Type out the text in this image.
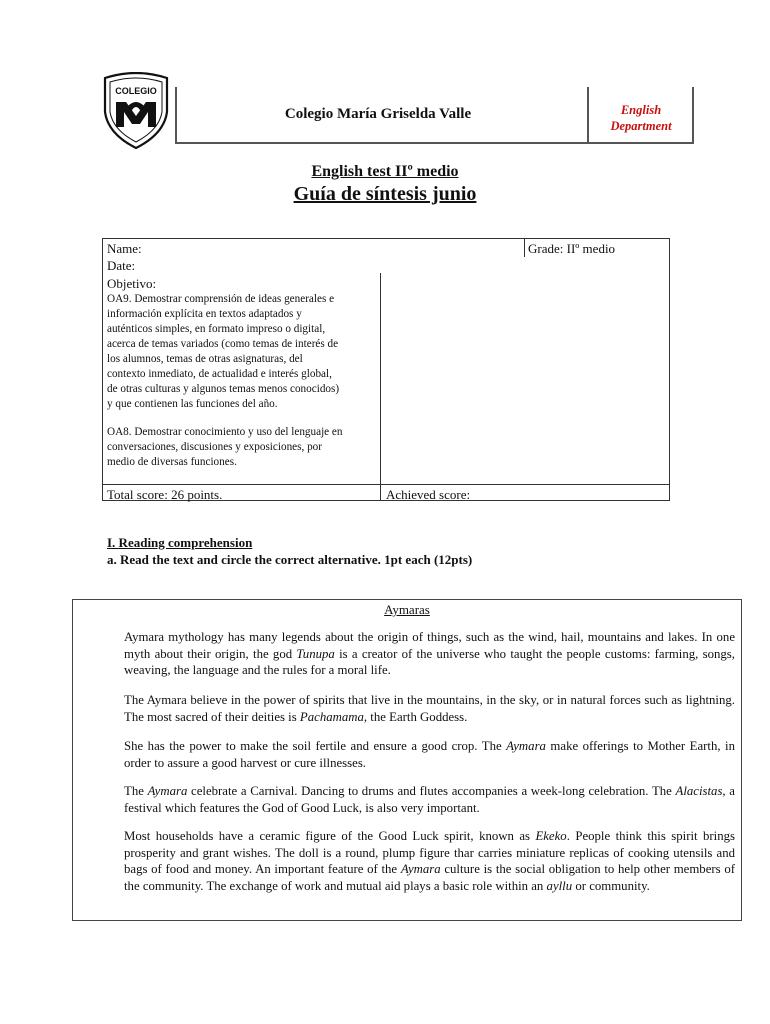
COLEGIO
Colegio María Griselda Valle	English
Department
English test IIº medio
Guía de síntesis junio
Name:	Grade: IIº medio
Date:
Objetivo:
OA9. Demostrar comprensión de ideas generales e
información explícita en textos adaptados y
auténticos simples, en formato impreso o digital,
acerca de temas variados (como temas de interés de
los alumnos, temas de otras asignaturas, del
contexto inmediato, de actualidad e interés global,
de otras culturas y algunos temas menos conocidos)
y que contienen las funciones del año.
OA8. Demostrar conocimiento y uso del lenguaje en
conversaciones, discusiones y exposiciones, por
medio de diversas funciones.
Total score: 26 points.	Achieved score:
I. Reading comprehension
a. Read the text and circle the correct alternative. 1pt each (12pts)
Aymaras
Aymara mythology has many legends about the origin of things, such as the wind, hail, mountains and lakes. In one myth about their origin, the god Tunupa is a creator of the universe who taught the people customs: farming, songs, weaving, the language and the rules for a moral life.
The Aymara believe in the power of spirits that live in the mountains, in the sky, or in natural forces such as lightning. The most sacred of their deities is Pachamama, the Earth Goddess.
She has the power to make the soil fertile and ensure a good crop. The Aymara make offerings to Mother Earth, in order to assure a good harvest or cure illnesses.
The Aymara celebrate a Carnival. Dancing to drums and flutes accompanies a week-long celebration. The Alacistas, a festival which features the God of Good Luck, is also very important.
Most households have a ceramic figure of the Good Luck spirit, known as Ekeko. People think this spirit brings prosperity and grant wishes. The doll is a round, plump figure thar carries miniature replicas of cooking utensils and bags of food and money. An important feature of the Aymara culture is the social obligation to help other members of the community. The exchange of work and mutual aid plays a basic role within an ayllu or community.
